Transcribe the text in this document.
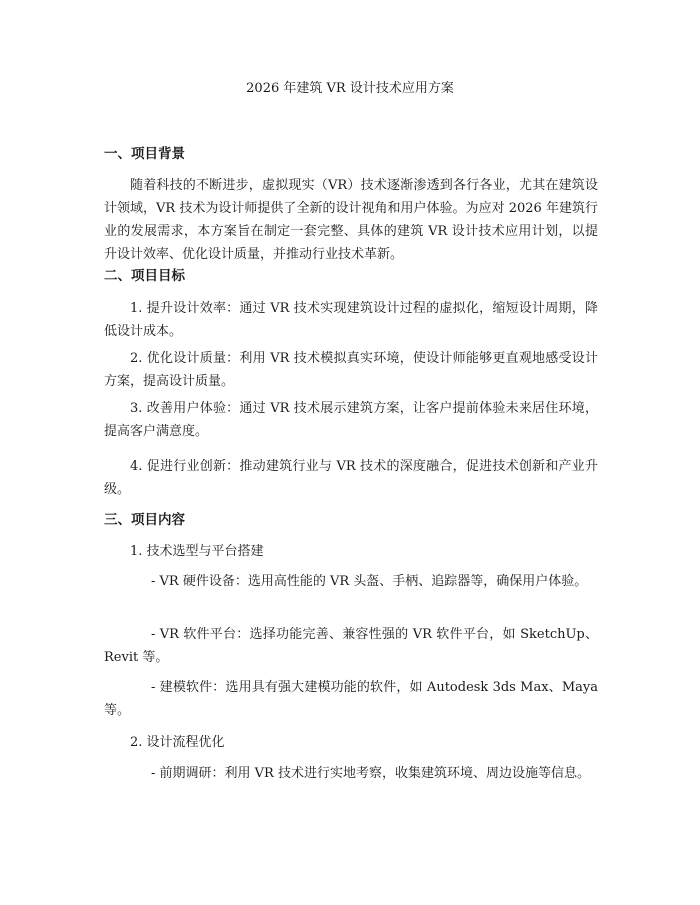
2026 年建筑 VR 设计技术应用方案
一、项目背景

随着科技的不断进步，虚拟现实（VR）技术逐渐渗透到各行各业，尤其在建筑设计领域，VR 技术为设计师提供了全新的设计视角和用户体验。为应对 2026 年建筑行业的发展需求，本方案旨在制定一套完整、具体的建筑 VR 设计技术应用计划，以提升设计效率、优化设计质量，并推动行业技术革新。

二、项目目标

1. 提升设计效率：通过 VR 技术实现建筑设计过程的虚拟化，缩短设计周期，降低设计成本。

2. 优化设计质量：利用 VR 技术模拟真实环境，使设计师能够更直观地感受设计方案，提高设计质量。

3. 改善用户体验：通过 VR 技术展示建筑方案，让客户提前体验未来居住环境，提高客户满意度。

4. 促进行业创新：推动建筑行业与 VR 技术的深度融合，促进技术创新和产业升级。

三、项目内容

1. 技术选型与平台搭建

- VR 硬件设备：选用高性能的 VR 头盔、手柄、追踪器等，确保用户体验。

- VR 软件平台：选择功能完善、兼容性强的 VR 软件平台，如 SketchUp、Revit 等。

- 建模软件：选用具有强大建模功能的软件，如 Autodesk 3ds Max、Maya 等。

2. 设计流程优化

- 前期调研：利用 VR 技术进行实地考察，收集建筑环境、周边设施等信息。
